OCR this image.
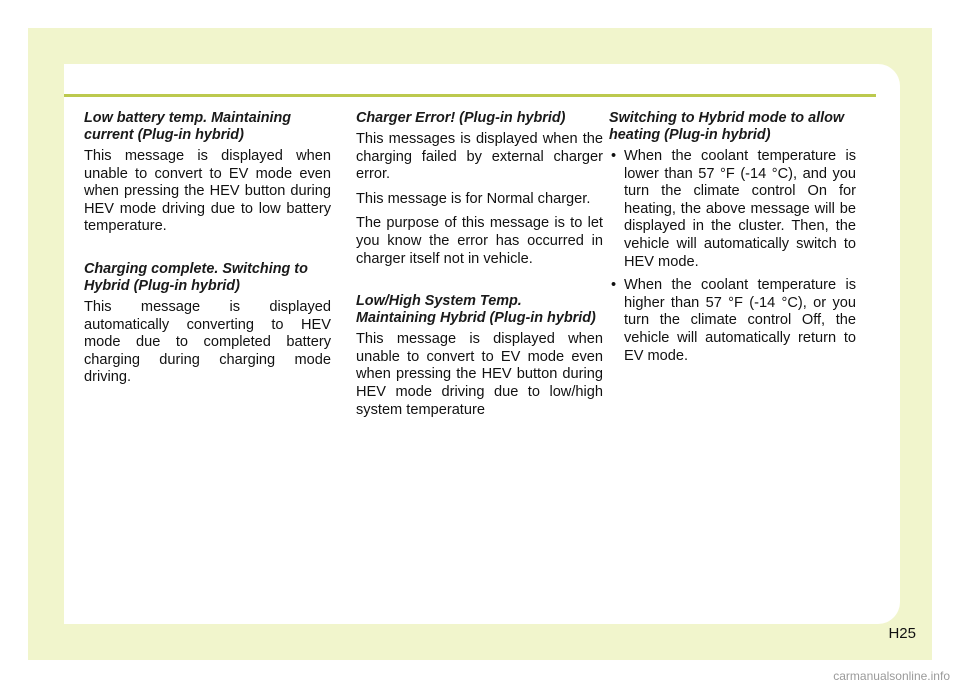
Low battery temp. Maintaining current (Plug-in hybrid)

This message is displayed when unable to convert to EV mode even when pressing the HEV button during HEV mode driving due to low battery temperature.

Charging complete. Switching to Hybrid (Plug-in hybrid)

This message is displayed automatically converting to HEV mode due to completed battery charging during charging mode driving.

Charger Error! (Plug-in hybrid)

This messages is displayed when the charging failed by external charger error.

This message is for Normal charger.

The purpose of this message is to let you know the error has occurred in charger itself not in vehicle.

Low/High System Temp. Maintaining Hybrid (Plug-in hybrid)

This message is displayed when unable to convert to EV mode even when pressing the HEV button during HEV mode driving due to low/high system temperature

Switching to Hybrid mode to allow heating (Plug-in hybrid)
• When the coolant temperature is lower than 57 °F (-14 °C), and you turn the climate control On for heating, the above message will be displayed in the cluster. Then, the vehicle will automatically switch to HEV mode.
• When the coolant temperature is higher than 57 °F (-14 °C), or you turn the climate control Off, the vehicle will automatically return to EV mode.
H25
carmanualsonline.info
